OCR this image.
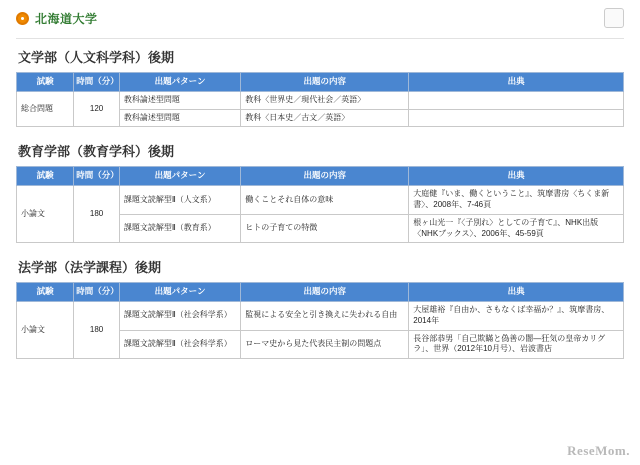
北海道大学
文学部（人文科学科）後期
試験	時間（分）	出題パターン	出題の内容	出典
総合問題	120	教科論述型問題	教科〈世界史／現代社会／英語〉	
		教科論述型問題	教科〈日本史／古文／英語〉	
教育学部（教育学科）後期
試験	時間（分）	出題パターン	出題の内容	出典
小論文	180	課題文読解型Ⅱ（人文系）	働くことそれ自体の意味	大庭健『いま、働くということ』、筑摩書房〈ちくま新書〉、2008年、7-46頁
		課題文読解型Ⅱ（教育系）	ヒトの子育ての特徴	根ヶ山光一『〈子別れ〉としての子育て』、NHK出版〈NHKブックス〉、2006年、45-59頁
法学部（法学課程）後期
試験	時間（分）	出題パターン	出題の内容	出典
小論文	180	課題文読解型Ⅱ（社会科学系）	監視による安全と引き換えに失われる自由	大屋雄裕『自由か、さもなくば幸福か？』、筑摩書房、2014年
		課題文読解型Ⅱ（社会科学系）	ローマ史から見た代表民主制の問題点	長谷部恭男「自己欺瞞と偽善の闇―狂気の皇帝カリグラ」、世界（2012年10月号）、岩波書店
ReseMom.
